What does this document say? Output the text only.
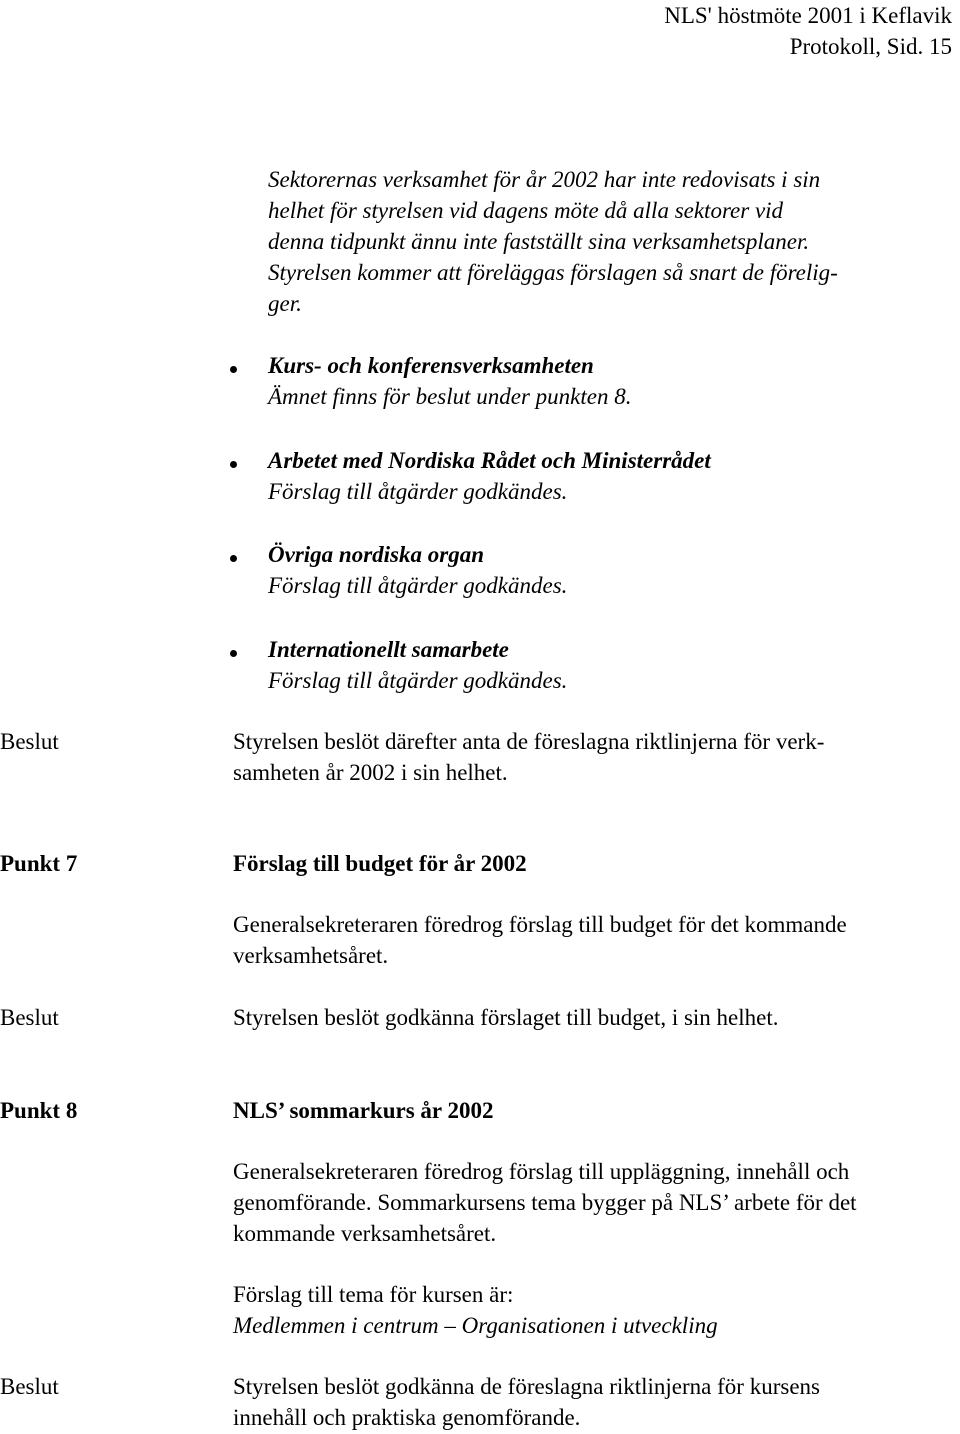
NLS' höstmöte 2001 i Keflavik
Protokoll, Sid. 15
Sektorernas verksamhet för år 2002 har inte redovisats i sin
helhet för styrelsen vid dagens möte då alla sektorer vid
denna tidpunkt ännu inte fastställt sina verksamhetsplaner.
Styrelsen kommer att föreläggas förslagen så snart de förelig-
ger.
Kurs- och konferensverksamheten
Ämnet finns för beslut under punkten 8.
Arbetet med Nordiska Rådet och Ministerrådet
Förslag till åtgärder godkändes.
Övriga nordiska organ
Förslag till åtgärder godkändes.
Internationellt samarbete
Förslag till åtgärder godkändes.
Beslut	Styrelsen beslöt därefter anta de föreslagna riktlinjerna för verk-
samheten år 2002 i sin helhet.
Punkt 7	Förslag till budget för år 2002
Generalsekreteraren föredrog förslag till budget för det kommande
verksamhetsåret.
Beslut	Styrelsen beslöt godkänna förslaget till budget, i sin helhet.
Punkt 8	NLS’ sommarkurs år 2002
Generalsekreteraren föredrog förslag till uppläggning, innehåll och
genomförande. Sommarkursens tema bygger på NLS’ arbete för det
kommande verksamhetsåret.
Förslag till tema för kursen är:
Medlemmen i centrum – Organisationen i utveckling
Beslut	Styrelsen beslöt godkänna de föreslagna riktlinjerna för kursens
innehåll och praktiska genomförande.
